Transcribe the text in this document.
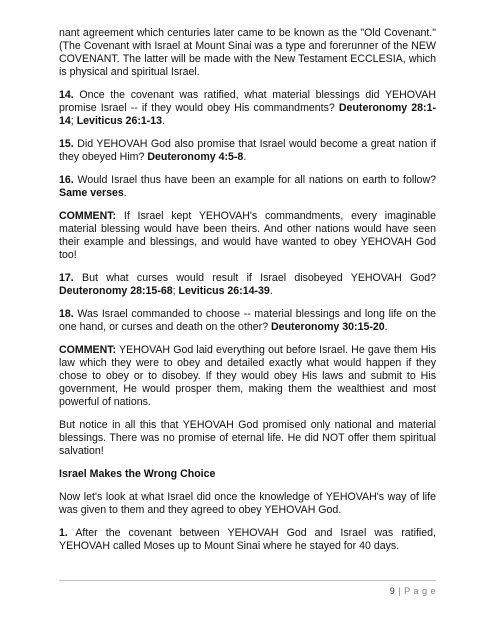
nant agreement which centuries later came to be known as the "Old Covenant." (The Covenant with Israel at Mount Sinai was a type and forerunner of the NEW COVENANT. The latter will be made with the New Testament ECCLESIA, which is physical and spiritual Israel.

14. Once the covenant was ratified, what material blessings did YEHOVAH promise Israel -- if they would obey His commandments? Deuteronomy 28:1-14; Leviticus 26:1-13.

15. Did YEHOVAH God also promise that Israel would become a great nation if they obeyed Him? Deuteronomy 4:5-8.

16. Would Israel thus have been an example for all nations on earth to follow? Same verses.

COMMENT: If Israel kept YEHOVAH's commandments, every imaginable material blessing would have been theirs. And other nations would have seen their example and blessings, and would have wanted to obey YEHOVAH God too!

17. But what curses would result if Israel disobeyed YEHOVAH God? Deuteronomy 28:15-68; Leviticus 26:14-39.

18. Was Israel commanded to choose -- material blessings and long life on the one hand, or curses and death on the other? Deuteronomy 30:15-20.

COMMENT: YEHOVAH God laid everything out before Israel. He gave them His law which they were to obey and detailed exactly what would happen if they chose to obey or to disobey. If they would obey His laws and submit to His government, He would prosper them, making them the wealthiest and most powerful of nations.

But notice in all this that YEHOVAH God promised only national and material blessings. There was no promise of eternal life. He did NOT offer them spiritual salvation!

Israel Makes the Wrong Choice

Now let's look at what Israel did once the knowledge of YEHOVAH's way of life was given to them and they agreed to obey YEHOVAH God.

1. After the covenant between YEHOVAH God and Israel was ratified, YEHOVAH called Moses up to Mount Sinai where he stayed for 40 days.

9 | P a g e
